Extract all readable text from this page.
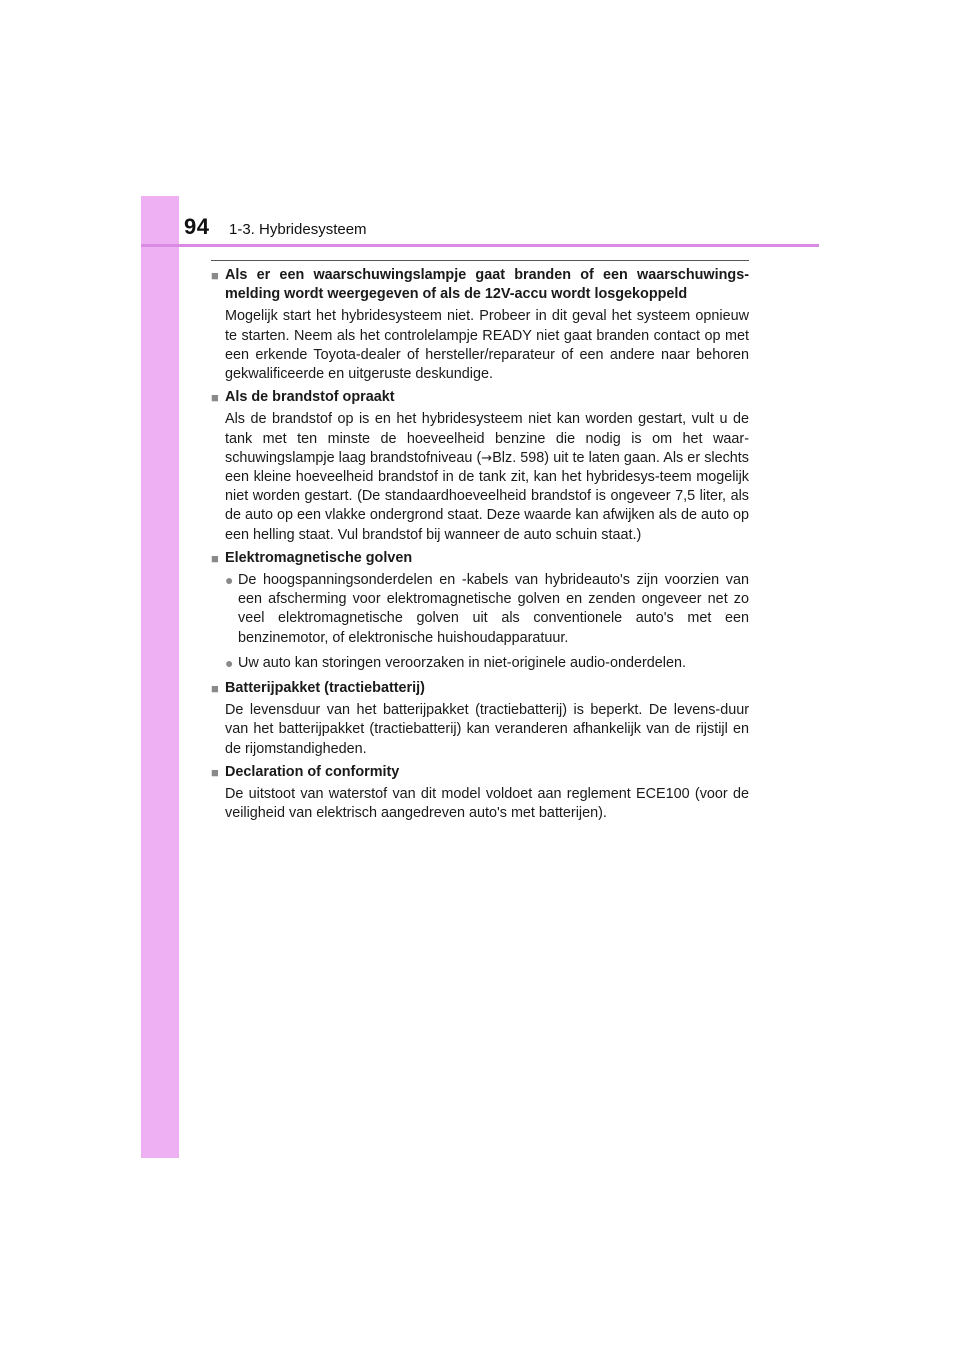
94 1-3. Hybridesysteem
■ Als er een waarschuwingslampje gaat branden of een waarschuwings-melding wordt weergegeven of als de 12V-accu wordt losgekoppeld
Mogelijk start het hybridesysteem niet. Probeer in dit geval het systeem opnieuw te starten. Neem als het controlelampje READY niet gaat branden contact op met een erkende Toyota-dealer of hersteller/reparateur of een andere naar behoren gekwalificeerde en uitgeruste deskundige.
■ Als de brandstof opraakt
Als de brandstof op is en het hybridesysteem niet kan worden gestart, vult u de tank met ten minste de hoeveelheid benzine die nodig is om het waar-schuwingslampje laag brandstofniveau (→Blz. 598) uit te laten gaan. Als er slechts een kleine hoeveelheid brandstof in de tank zit, kan het hybridesys-teem mogelijk niet worden gestart. (De standaardhoeveelheid brandstof is ongeveer 7,5 liter, als de auto op een vlakke ondergrond staat. Deze waarde kan afwijken als de auto op een helling staat. Vul brandstof bij wanneer de auto schuin staat.)
■ Elektromagnetische golven
● De hoogspanningsonderdelen en -kabels van hybrideauto's zijn voorzien van een afscherming voor elektromagnetische golven en zenden ongeveer net zo veel elektromagnetische golven uit als conventionele auto's met een benzinemotor, of elektronische huishoudapparatuur.
● Uw auto kan storingen veroorzaken in niet-originele audio-onderdelen.
■ Batterijpakket (tractiebatterij)
De levensduur van het batterijpakket (tractiebatterij) is beperkt. De levens-duur van het batterijpakket (tractiebatterij) kan veranderen afhankelijk van de rijstijl en de rijomstandigheden.
■ Declaration of conformity
De uitstoot van waterstof van dit model voldoet aan reglement ECE100 (voor de veiligheid van elektrisch aangedreven auto's met batterijen).
